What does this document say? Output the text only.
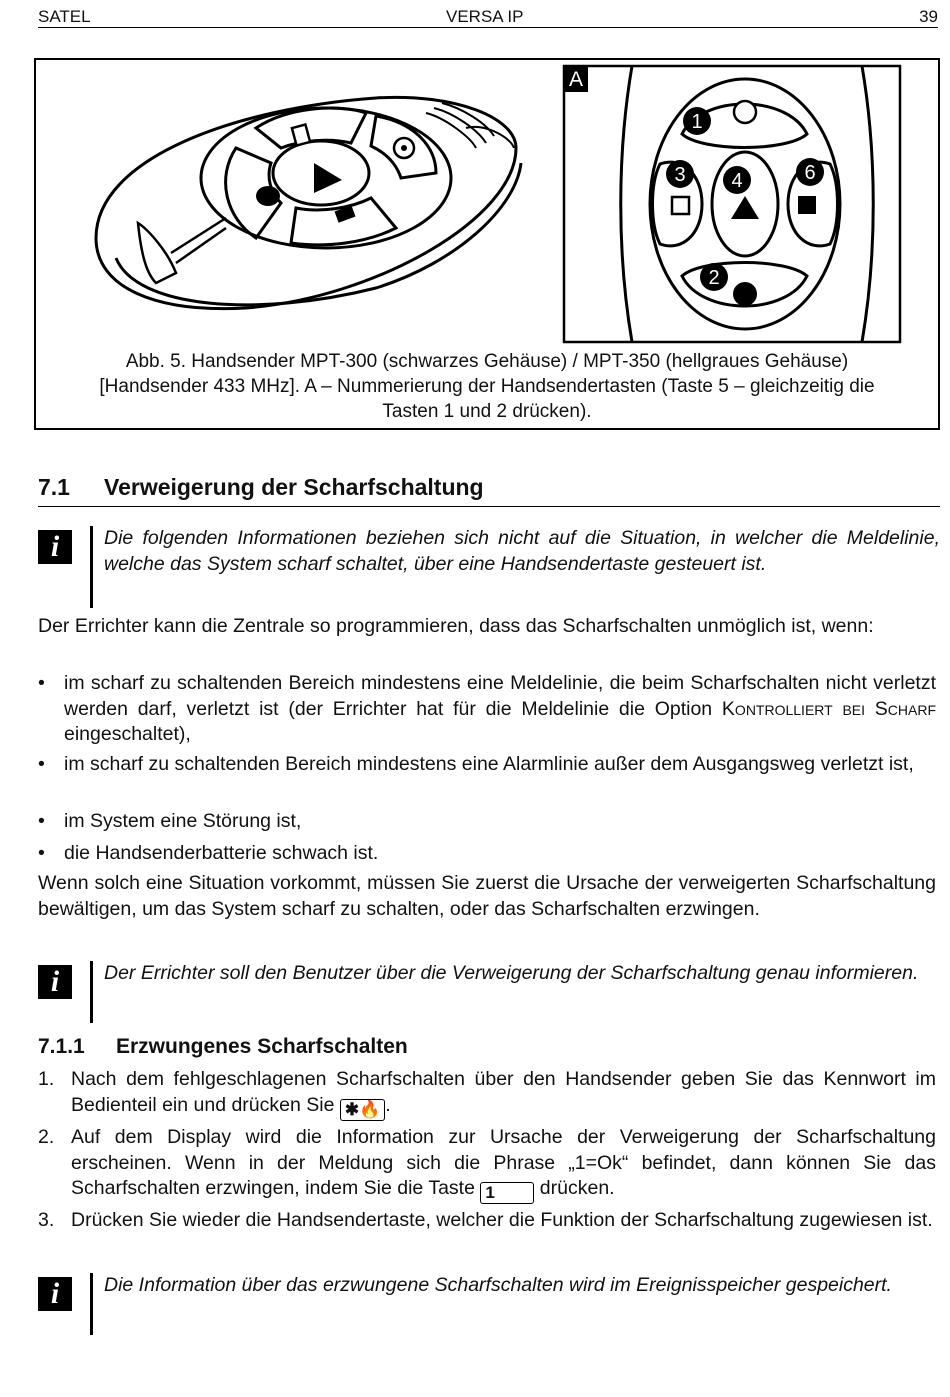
SATEL	VERSA IP	39
A
1
3 4	6
2
Abb. 5. Handsender MPT-300 (schwarzes Gehäuse) / MPT-350 (hellgraues Gehäuse)
[Handsender 433 MHz]. A – Nummerierung der Handsendertasten (Taste 5 – gleichzeitig die
Tasten 1 und 2 drücken).
7.1 Verweigerung der Scharfschaltung
i	Die folgenden Informationen beziehen sich nicht auf die Situation, in welcher die Meldelinie, welche das System scharf schaltet, über eine Handsendertaste gesteuert ist.
Der Errichter kann die Zentrale so programmieren, dass das Scharfschalten unmöglich ist, wenn:
• im scharf zu schaltenden Bereich mindestens eine Meldelinie, die beim Scharfschalten nicht verletzt werden darf, verletzt ist (der Errichter hat für die Meldelinie die Option Kontrolliert bei Scharf eingeschaltet),
• im scharf zu schaltenden Bereich mindestens eine Alarmlinie außer dem Ausgangsweg verletzt ist,
• im System eine Störung ist,
• die Handsenderbatterie schwach ist.
Wenn solch eine Situation vorkommt, müssen Sie zuerst die Ursache der verweigerten Scharfschaltung bewältigen, um das System scharf zu schalten, oder das Scharfschalten erzwingen.
i	Der Errichter soll den Benutzer über die Verweigerung der Scharfschaltung genau informieren.
7.1.1 Erzwungenes Scharfschalten
1. Nach dem fehlgeschlagenen Scharfschalten über den Handsender geben Sie das Kennwort im Bedienteil ein und drücken Sie ✱🔥 .
2. Auf dem Display wird die Information zur Ursache der Verweigerung der Scharfschaltung erscheinen. Wenn in der Meldung sich die Phrase „1=Ok“ befindet, dann können Sie das Scharfschalten erzwingen, indem Sie die Taste 1 drücken.
3. Drücken Sie wieder die Handsendertaste, welcher die Funktion der Scharfschaltung zugewiesen ist.
i	Die Information über das erzwungene Scharfschalten wird im Ereignisspeicher gespeichert.
